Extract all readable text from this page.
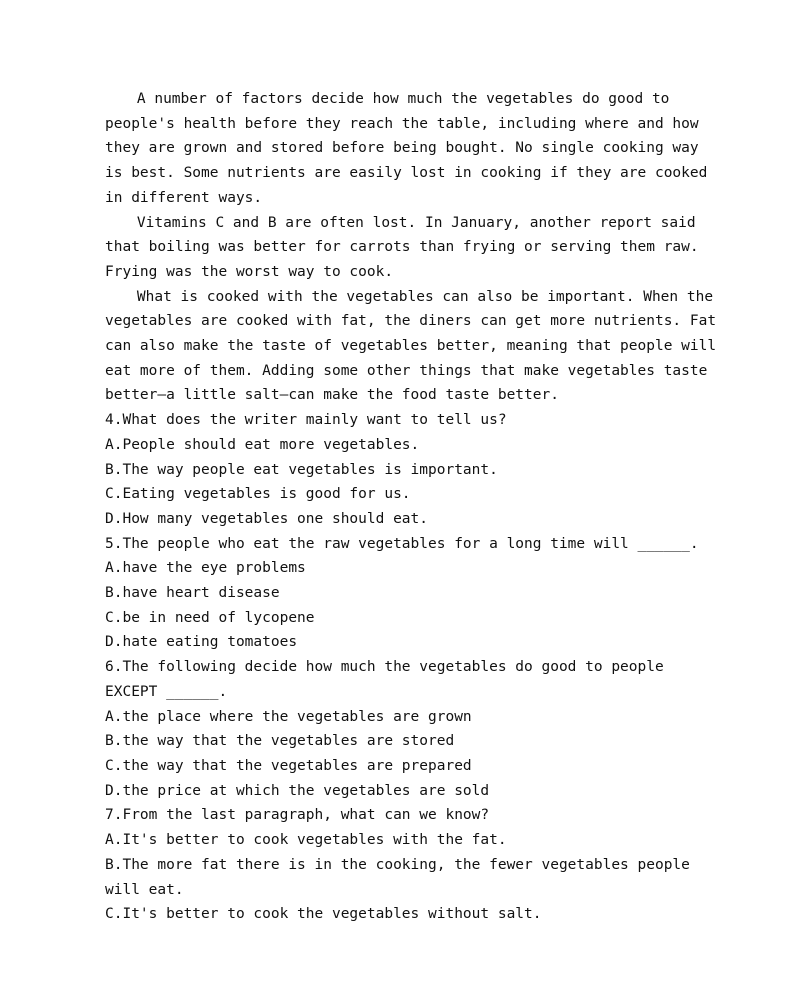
A number of factors decide how much the vegetables do good to
people's health before they reach the table, including where and how
they are grown and stored before being bought. No single cooking way
is best. Some nutrients are easily lost in cooking if they are cooked
in different ways.

Vitamins C and B are often lost. In January, another report said
that boiling was better for carrots than frying or serving them raw.
Frying was the worst way to cook.

What is cooked with the vegetables can also be important. When the
vegetables are cooked with fat, the diners can get more nutrients. Fat
can also make the taste of vegetables better, meaning that people will
eat more of them. Adding some other things that make vegetables taste
better—a little salt—can make the food taste better.

4.What does the writer mainly want to tell us?

A.People should eat more vegetables.

B.The way people eat vegetables is important.

C.Eating vegetables is good for us.

D.How many vegetables one should eat.

5.The people who eat the raw vegetables for a long time will ______.

A.have the eye problems

B.have heart disease

C.be in need of lycopene

D.hate eating tomatoes

6.The following decide how much the vegetables do good to people

EXCEPT ______.

A.the place where the vegetables are grown

B.the way that the vegetables are stored

C.the way that the vegetables are prepared

D.the price at which the vegetables are sold

7.From the last paragraph, what can we know?

A.It's better to cook vegetables with the fat.

B.The more fat there is in the cooking, the fewer vegetables people

will eat.

C.It's better to cook the vegetables without salt.
